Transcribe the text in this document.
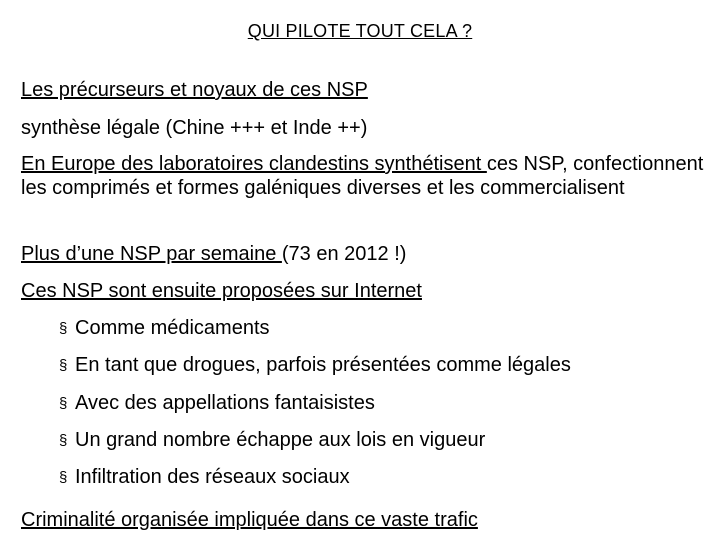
QUI PILOTE TOUT CELA ?

Les précurseurs et noyaux de ces NSP

synthèse légale (Chine +++ et Inde ++)

En Europe des laboratoires clandestins synthétisent ces NSP, confectionnent les comprimés et formes galéniques diverses et les commercialisent

Plus d’une NSP par semaine (73 en 2012 !)

Ces NSP sont ensuite proposées sur Internet

§ Comme médicaments
§ En tant que drogues, parfois présentées comme légales
§ Avec des appellations fantaisistes
§ Un grand nombre échappe aux lois en vigueur
§ Infiltration des réseaux sociaux

Criminalité organisée impliquée dans ce vaste trafic
